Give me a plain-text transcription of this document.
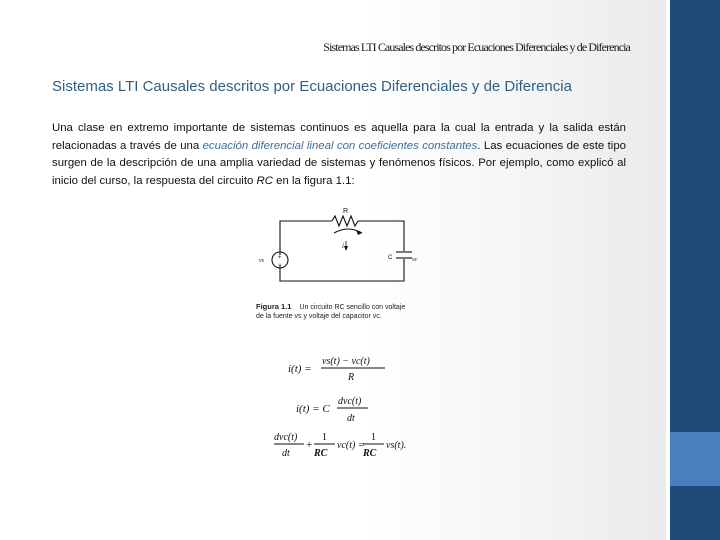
Sistemas LTI Causales descritos por Ecuaciones Diferenciales y de Diferencia
Sistemas LTI Causales descritos por Ecuaciones Diferenciales y de Diferencia
Una clase en extremo importante de sistemas continuos es aquella para la cual la entrada y la salida están relacionadas a través de una ecuación diferencial lineal con coeficientes constantes. Las ecuaciones de este tipo surgen de la descripción de una amplia variedad de sistemas y fenómenos físicos. Por ejemplo, como explicó al inicio del curso, la respuesta del circuito RC en la figura 1.1:
+
−
R
i
C
vs	vc
Figura 1.1 Un circuito RC sencillo con voltaje de la fuente vs y voltaje del capacitor vc.
i(t) =
vs(t) − vc(t)
R
i(t) = C
dvc(t)
dt
dvc(t)
dt
+
1
RC
vc(t) =
1
RC
vs(t).
